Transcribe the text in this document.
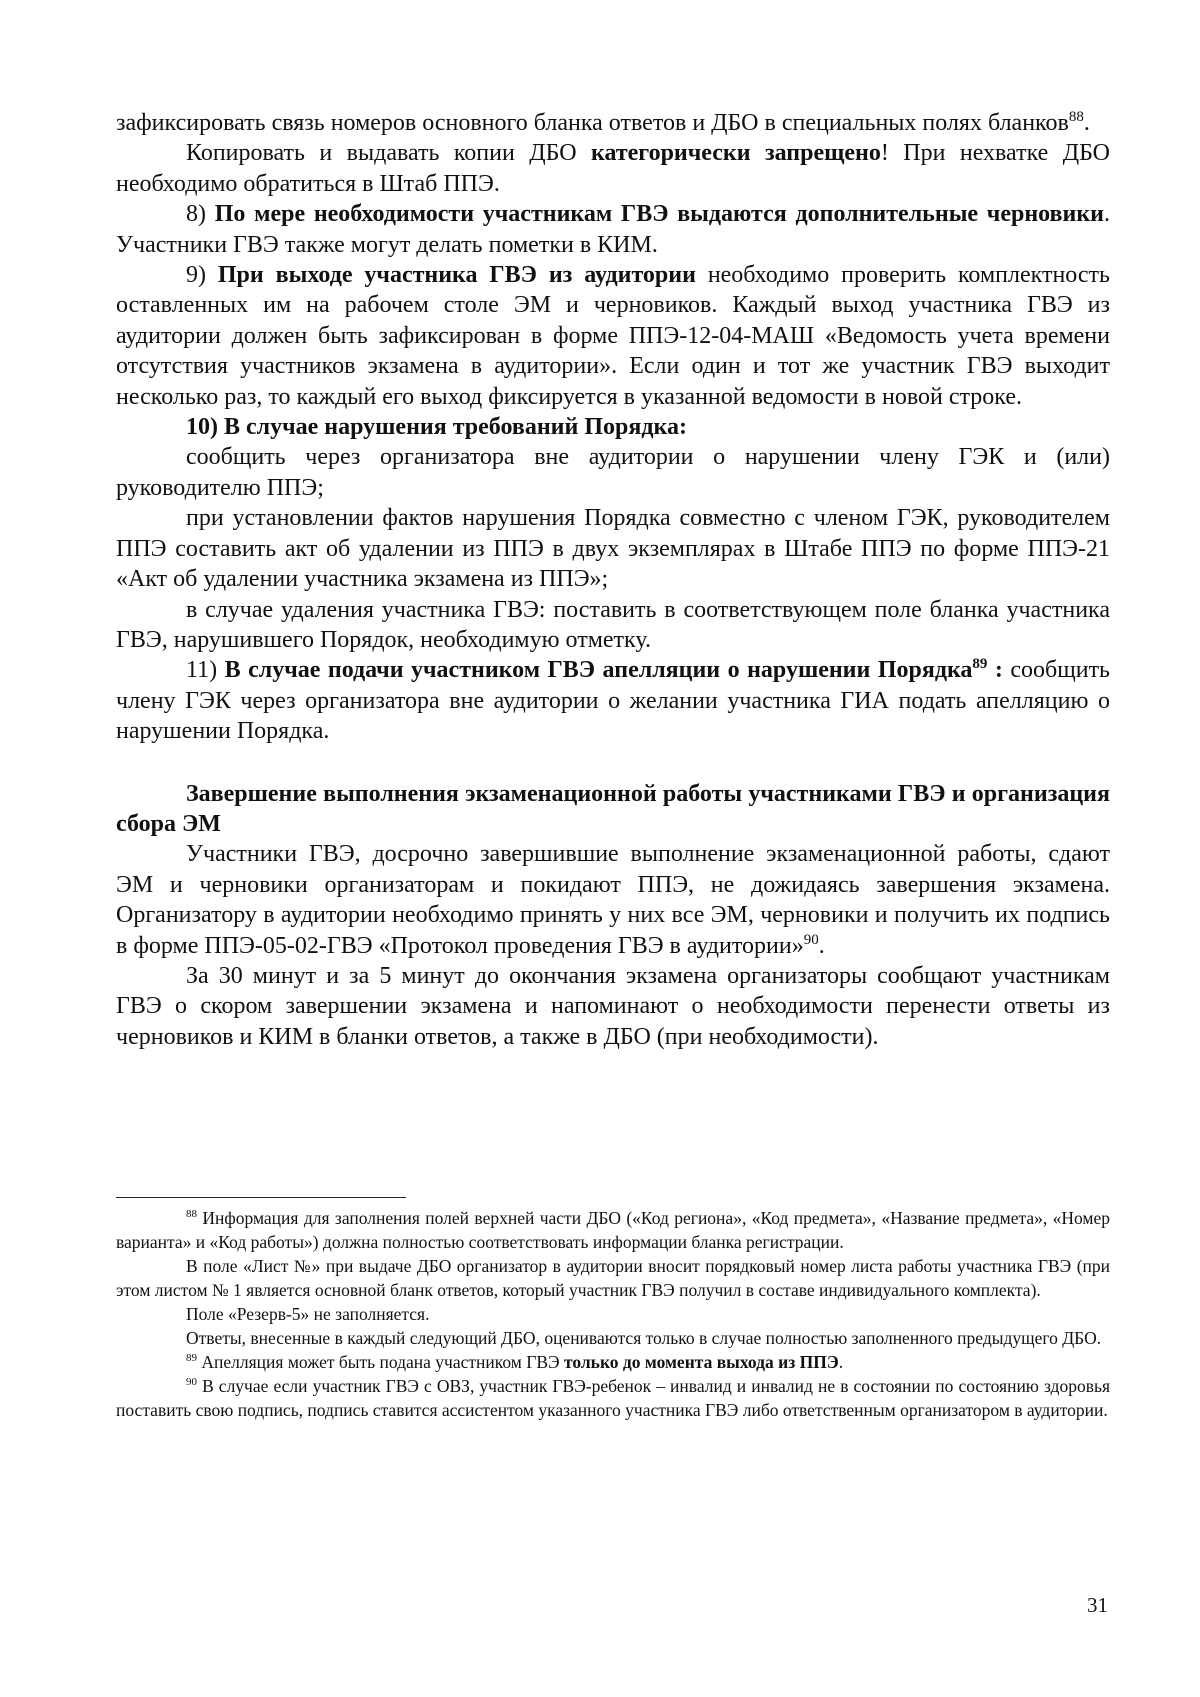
зафиксировать связь номеров основного бланка ответов и ДБО в специальных полях бланков$^{88}$.

Копировать и выдавать копии ДБО категорически запрещено! При нехватке ДБО необходимо обратиться в Штаб ППЭ.

8) По мере необходимости участникам ГВЭ выдаются дополнительные черновики. Участники ГВЭ также могут делать пометки в КИМ.

9) При выходе участника ГВЭ из аудитории необходимо проверить комплектность оставленных им на рабочем столе ЭМ и черновиков. Каждый выход участника ГВЭ из аудитории должен быть зафиксирован в форме ППЭ-12-04-МАШ «Ведомость учета времени отсутствия участников экзамена в аудитории». Если один и тот же участник ГВЭ выходит несколько раз, то каждый его выход фиксируется в указанной ведомости в новой строке.

10) В случае нарушения требований Порядка:

сообщить через организатора вне аудитории о нарушении члену ГЭК и (или) руководителю ППЭ;

при установлении фактов нарушения Порядка совместно с членом ГЭК, руководителем ППЭ составить акт об удалении из ППЭ в двух экземплярах в Штабе ППЭ по форме ППЭ-21 «Акт об удалении участника экзамена из ППЭ»;

в случае удаления участника ГВЭ: поставить в соответствующем поле бланка участника ГВЭ, нарушившего Порядок, необходимую отметку.

11) В случае подачи участником ГВЭ апелляции о нарушении Порядка$^{89}$ : сообщить члену ГЭК через организатора вне аудитории о желании участника ГИА подать апелляцию о нарушении Порядка.

Завершение выполнения экзаменационной работы участниками ГВЭ и организация сбора ЭМ

Участники ГВЭ, досрочно завершившие выполнение экзаменационной работы, сдают ЭМ и черновики организаторам и покидают ППЭ, не дожидаясь завершения экзамена. Организатору в аудитории необходимо принять у них все ЭМ, черновики и получить их подпись в форме ППЭ-05-02-ГВЭ «Протокол проведения ГВЭ в аудитории»$^{90}$.

За 30 минут и за 5 минут до окончания экзамена организаторы сообщают участникам ГВЭ о скором завершении экзамена и напоминают о необходимости перенести ответы из черновиков и КИМ в бланки ответов, а также в ДБО (при необходимости).

$^{88}$ Информация для заполнения полей верхней части ДБО («Код региона», «Код предмета», «Название предмета», «Номер варианта» и «Код работы») должна полностью соответствовать информации бланка регистрации.

В поле «Лист №» при выдаче ДБО организатор в аудитории вносит порядковый номер листа работы участника ГВЭ (при этом листом № 1 является основной бланк ответов, который участник ГВЭ получил в составе индивидуального комплекта).

Поле «Резерв-5» не заполняется.

Ответы, внесенные в каждый следующий ДБО, оцениваются только в случае полностью заполненного предыдущего ДБО.

$^{89}$ Апелляция может быть подана участником ГВЭ только до момента выхода из ППЭ.

$^{90}$ В случае если участник ГВЭ с ОВЗ, участник ГВЭ-ребенок – инвалид и инвалид не в состоянии по состоянию здоровья поставить свою подпись, подпись ставится ассистентом указанного участника ГВЭ либо ответственным организатором в аудитории.

31
